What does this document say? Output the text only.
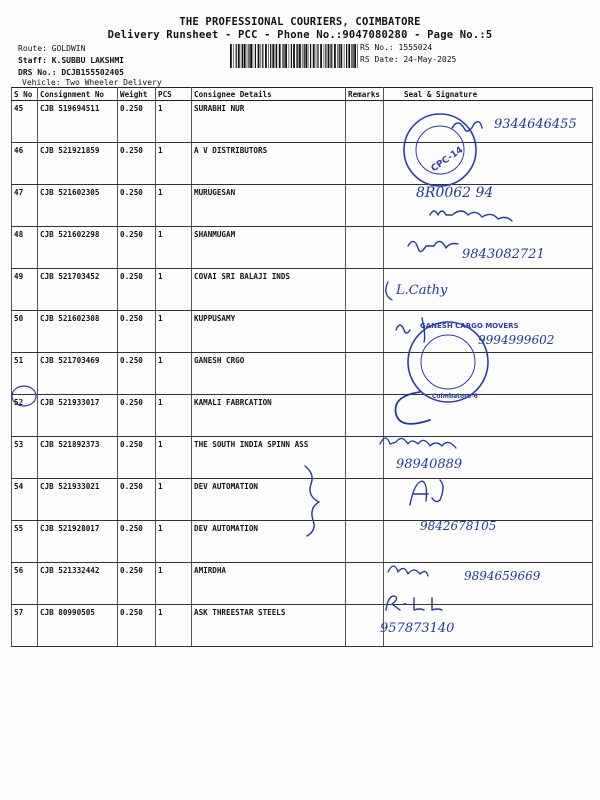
THE PROFESSIONAL COURIERS, COIMBATORE
Delivery Runsheet - PCC - Phone No.:9047080280 - Page No.:5
Route: GOLDWIN
Staff: K.SUBBU LAKSHMI
DRS No.: DCJB155502405
Vehicle: Two Wheeler Delivery
RS No.: 1555024
RS Date: 24-May-2025
S No	Consignment No	Weight	PCS	Consignee Details	Remarks	Seal & Signature
45	CJB 519694511	0.250	1	SURABHI NUR		
46	CJB 521921859	0.250	1	A V DISTRIBUTORS		
47	CJB 521602305	0.250	1	MURUGESAN		
48	CJB 521602298	0.250	1	SHANMUGAM		
49	CJB 521703452	0.250	1	COVAI SRI BALAJI INDS		
50	CJB 521602308	0.250	1	KUPPUSAMY		
51	CJB 521703469	0.250	1	GANESH CRGO		
52	CJB 521933017	0.250	1	KAMALI FABRCATION		
53	CJB 521892373	0.250	1	THE SOUTH INDIA SPINN ASS		
54	CJB 521933021	0.250	1	DEV AUTOMATION		
55	CJB 521928017	0.250	1	DEV AUTOMATION		
56	CJB 521332442	0.250	1	AMIRDHA		
57	CJB 80990505	0.250	1	ASK THREESTAR STEELS		
CPC-14
9344646455
8R0062 94
9843082721
L.Cathy
GANESH CARGO MOVERS
Coimbatore-6
9994999602
98940889
9842678105
9894659669
957873140
